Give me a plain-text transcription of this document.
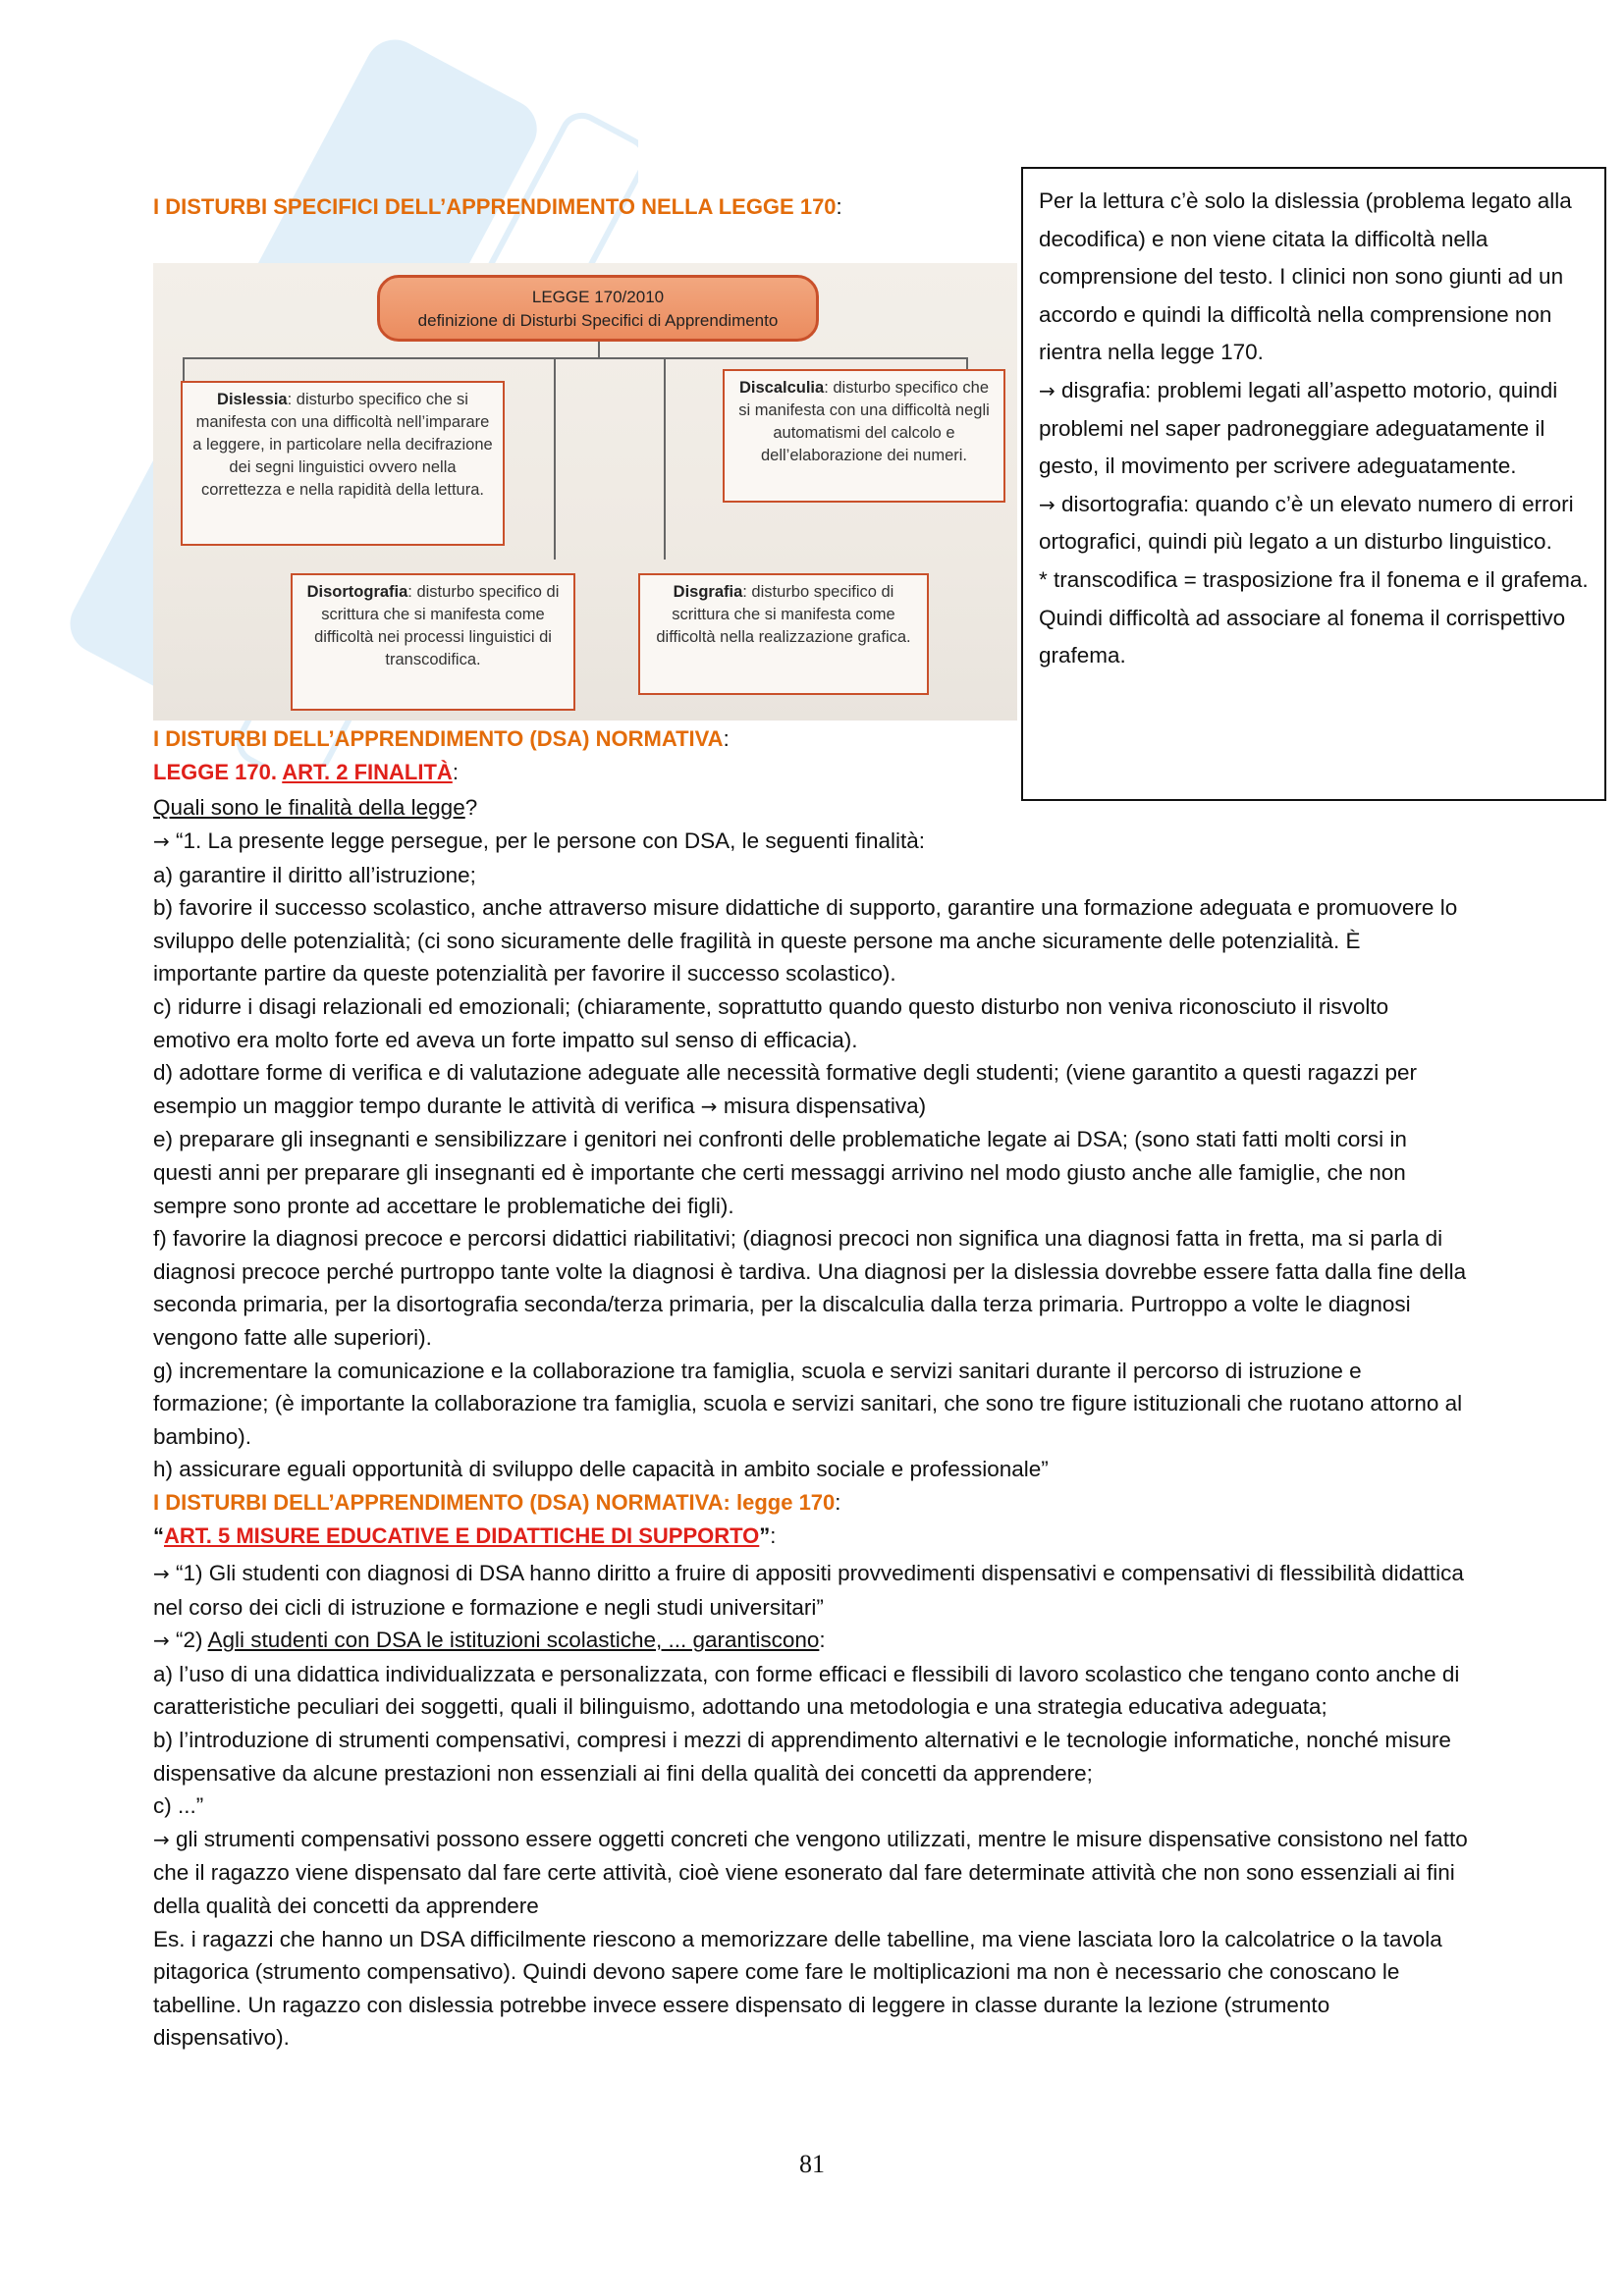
I DISTURBI SPECIFICI DELL’APPRENDIMENTO NELLA LEGGE 170:
LEGGE 170/2010
definizione di Disturbi Specifici di Apprendimento
Dislessia: disturbo specifico che si manifesta con una difficoltà nell’imparare a leggere, in particolare nella decifrazione dei segni linguistici ovvero nella correttezza e nella rapidità della lettura.
Discalculia: disturbo specifico che si manifesta con una difficoltà negli automatismi del calcolo e dell’elaborazione dei numeri.
Disortografia: disturbo specifico di scrittura che si manifesta come difficoltà nei processi linguistici di transcodifica.
Disgrafia: disturbo specifico di scrittura che si manifesta come difficoltà nella realizzazione grafica.

Per la lettura c’è solo la dislessia (problema legato alla decodifica) e non viene citata la difficoltà nella comprensione del testo. I clinici non sono giunti ad un accordo e quindi la difficoltà nella comprensione non rientra nella legge 170.

→ disgrafia: problemi legati all’aspetto motorio, quindi problemi nel saper padroneggiare adeguatamente il gesto, il movimento per scrivere adeguatamente.

→ disortografia: quando c’è un elevato numero di errori ortografici, quindi più legato a un disturbo linguistico.

* transcodifica = trasposizione fra il fonema e il grafema. Quindi difficoltà ad associare al fonema il corrispettivo grafema.

I DISTURBI DELL’APPRENDIMENTO (DSA) NORMATIVA:
LEGGE 170. ART. 2 FINALITÀ:
Quali sono le finalità della legge?

→ “1. La presente legge persegue, per le persone con DSA, le seguenti finalità:

a) garantire il diritto all’istruzione;

b) favorire il successo scolastico, anche attraverso misure didattiche di supporto, garantire una formazione adeguata e promuovere lo sviluppo delle potenzialità; (ci sono sicuramente delle fragilità in queste persone ma anche sicuramente delle potenzialità. È importante partire da queste potenzialità per favorire il successo scolastico).

c) ridurre i disagi relazionali ed emozionali; (chiaramente, soprattutto quando questo disturbo non veniva riconosciuto il risvolto emotivo era molto forte ed aveva un forte impatto sul senso di efficacia).

d) adottare forme di verifica e di valutazione adeguate alle necessità formative degli studenti; (viene garantito a questi ragazzi per esempio un maggior tempo durante le attività di verifica → misura dispensativa)

e) preparare gli insegnanti e sensibilizzare i genitori nei confronti delle problematiche legate ai DSA; (sono stati fatti molti corsi in questi anni per preparare gli insegnanti ed è importante che certi messaggi arrivino nel modo giusto anche alle famiglie, che non sempre sono pronte ad accettare le problematiche dei figli).

f) favorire la diagnosi precoce e percorsi didattici riabilitativi; (diagnosi precoci non significa una diagnosi fatta in fretta, ma si parla di diagnosi precoce perché purtroppo tante volte la diagnosi è tardiva. Una diagnosi per la dislessia dovrebbe essere fatta dalla fine della seconda primaria, per la disortografia seconda/terza primaria, per la discalculia dalla terza primaria. Purtroppo a volte le diagnosi vengono fatte alle superiori).

g) incrementare la comunicazione e la collaborazione tra famiglia, scuola e servizi sanitari durante il percorso di istruzione e formazione; (è importante la collaborazione tra famiglia, scuola e servizi sanitari, che sono tre figure istituzionali che ruotano attorno al bambino).

h) assicurare eguali opportunità di sviluppo delle capacità in ambito sociale e professionale”

I DISTURBI DELL’APPRENDIMENTO (DSA) NORMATIVA: legge 170:
“ART. 5 MISURE EDUCATIVE E DIDATTICHE DI SUPPORTO”:

→ “1) Gli studenti con diagnosi di DSA hanno diritto a fruire di appositi provvedimenti dispensativi e compensativi di flessibilità didattica nel corso dei cicli di istruzione e formazione e negli studi universitari”

→ “2) Agli studenti con DSA le istituzioni scolastiche, ... garantiscono:

a) l’uso di una didattica individualizzata e personalizzata, con forme efficaci e flessibili di lavoro scolastico che tengano conto anche di caratteristiche peculiari dei soggetti, quali il bilinguismo, adottando una metodologia e una strategia educativa adeguata;

b) l’introduzione di strumenti compensativi, compresi i mezzi di apprendimento alternativi e le tecnologie informatiche, nonché misure dispensative da alcune prestazioni non essenziali ai fini della qualità dei concetti da apprendere;

c) ...”

→ gli strumenti compensativi possono essere oggetti concreti che vengono utilizzati, mentre le misure dispensative consistono nel fatto che il ragazzo viene dispensato dal fare certe attività, cioè viene esonerato dal fare determinate attività che non sono essenziali ai fini della qualità dei concetti da apprendere

Es. i ragazzi che hanno un DSA difficilmente riescono a memorizzare delle tabelline, ma viene lasciata loro la calcolatrice o la tavola pitagorica (strumento compensativo). Quindi devono sapere come fare le moltiplicazioni ma non è necessario che conoscano le tabelline. Un ragazzo con dislessia potrebbe invece essere dispensato di leggere in classe durante la lezione (strumento dispensativo).

81
